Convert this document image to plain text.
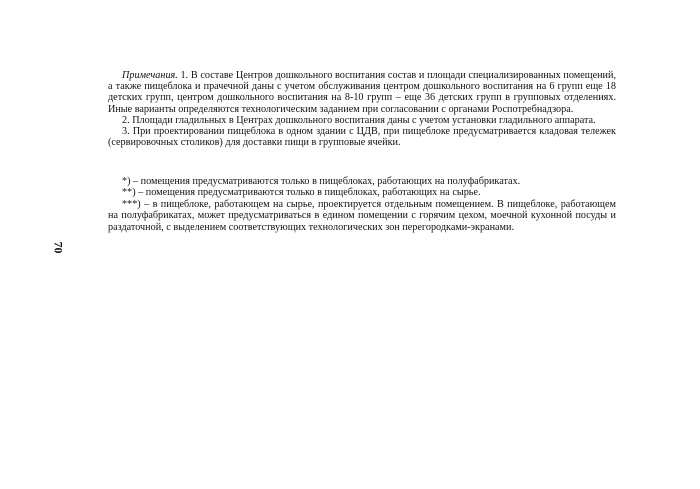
Примечания. 1. В составе Центров дошкольного воспитания состав и площади специализированных помещений, а также пищеблока и прачечной даны с учетом обслуживания центром дошкольного воспитания на 6 групп еще 18 детских групп, центром дошкольного воспитания на 8-10 групп – еще 36 детских групп в групповых отделениях. Иные варианты определяются технологическим заданием при согласовании с органами Роспотребнадзора.

2. Площади гладильных в Центрах дошкольного воспитания даны с учетом установки гладильного аппарата.

3. При проектировании пищеблока в одном здании с ЦДВ, при пищеблоке предусматривается кладовая тележек (сервировочных столиков) для доставки пищи в групповые ячейки.

*) – помещения предусматриваются только в пищеблоках, работающих на полуфабрикатах.

**) – помещения предусматриваются только в пищеблоках, работающих на сырье.

***) – в пищеблоке, работающем на сырье, проектируется отдельным помещением. В пищеблоке, работающем на полуфабрикатах, может предусматриваться в едином помещении с горячим цехом, моечной кухонной посуды и раздаточной, с выделением соответствующих технологических зон перегородками-экранами.

70
